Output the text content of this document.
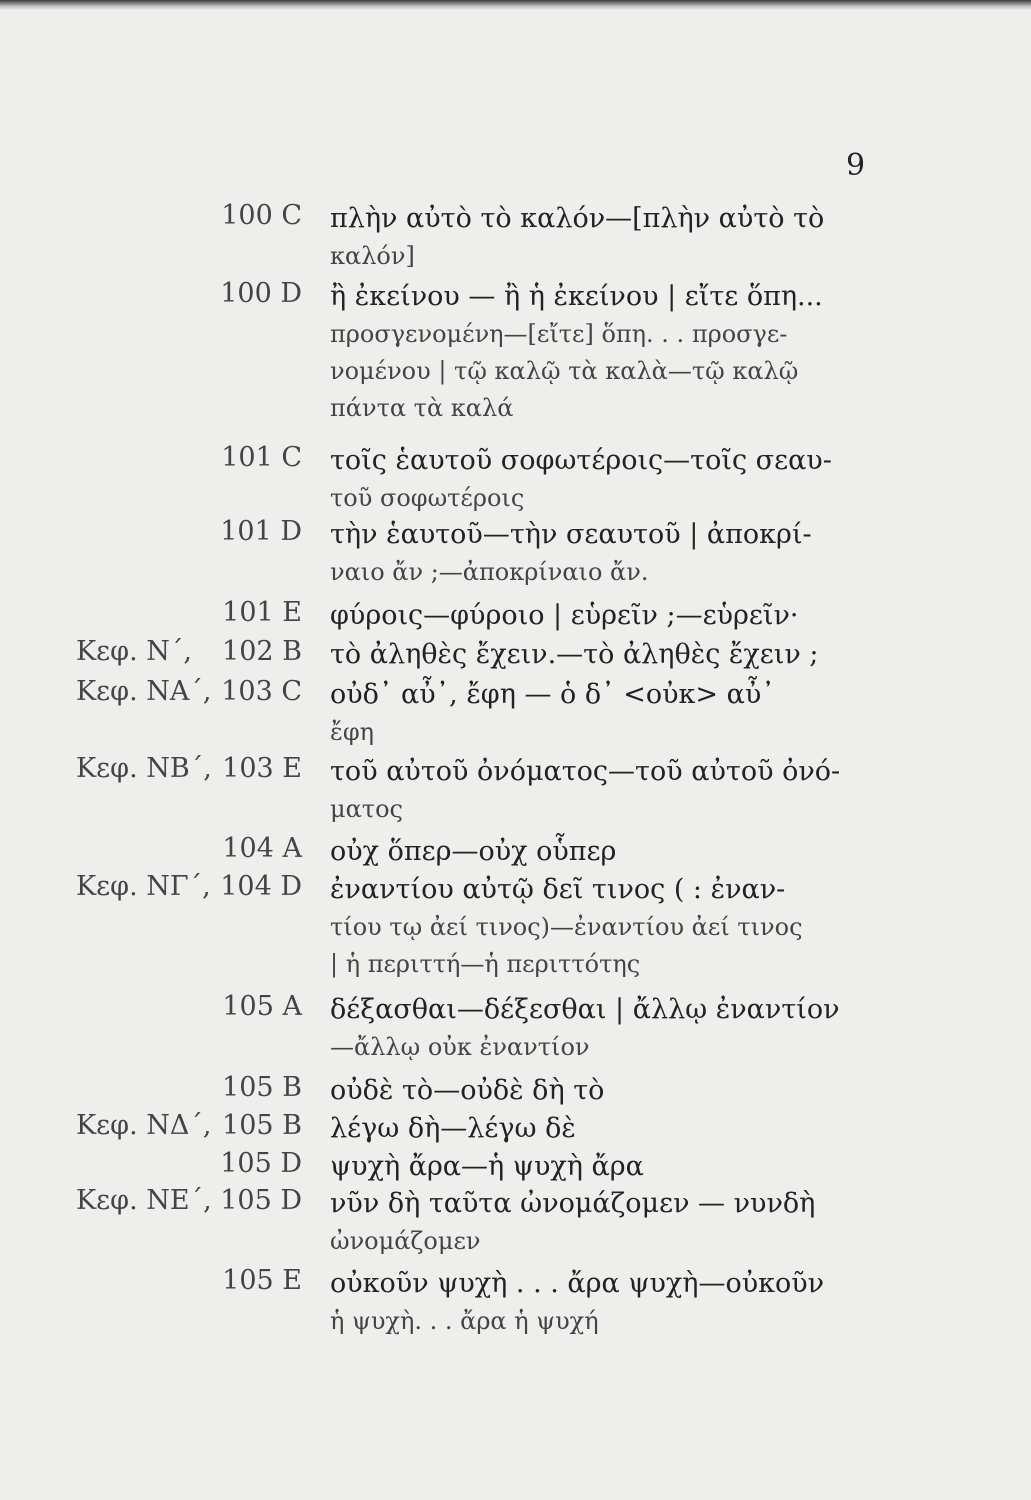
9
100 C πλὴν αὐτὸ τὸ καλόν—[πλὴν αὐτὸ τὸ
καλόν]
100 D ἢ ἐκείνου — ἢ ἡ ἐκείνου | εἴτε ὅπη...
προσγενομένη—[εἴτε] ὅπη. . . προσγε-
νομένου | τῷ καλῷ τὰ καλὰ—τῷ καλῷ
πάντα τὰ καλά
101 C τοῖς ἑαυτοῦ σοφωτέροις—τοῖς σεαυ-
τοῦ σοφωτέροις
101 D τὴν ἑαυτοῦ—τὴν σεαυτοῦ | ἀποκρί-
ναιο ἄν ;—ἀποκρίναιο ἄν.
101 E φύροις—φύροιο | εὑρεῖν ;—εὑρεῖν·
Κεφ. Ν΄, 102 B τὸ ἀληθὲς ἔχειν.—τὸ ἀληθὲς ἔχειν ;
Κεφ. ΝΑ΄, 103 C οὐδ᾽ αὖ᾽, ἔφη — ὁ δ᾽ <οὐκ> αὖ᾽
ἔφη
Κεφ. ΝΒ΄, 103 E τοῦ αὐτοῦ ὀνόματος—τοῦ αὐτοῦ ὀνό-
ματος
104 A οὐχ ὅπερ—οὐχ οὗπερ
Κεφ. ΝΓ΄, 104 D ἐναντίου αὐτῷ δεῖ τινος ( : ἐναν-
τίου τῳ ἀεί τινος)—ἐναντίου ἀεί τινος
| ἡ περιττή—ἡ περιττότης
105 A δέξασθαι—δέξεσθαι | ἄλλῳ ἐναντίον
—ἄλλῳ οὐκ ἐναντίον
105 B οὐδὲ τὸ—οὐδὲ δὴ τὸ
Κεφ. ΝΔ΄, 105 B λέγω δὴ—λέγω δὲ
105 D ψυχὴ ἄρα—ἡ ψυχὴ ἄρα
Κεφ. ΝΕ΄, 105 D νῦν δὴ ταῦτα ὠνομάζομεν — νυνδὴ
ὠνομάζομεν
105 E οὐκοῦν ψυχὴ . . . ἄρα ψυχὴ—οὐκοῦν
ἡ ψυχὴ. . . ἄρα ἡ ψυχή
